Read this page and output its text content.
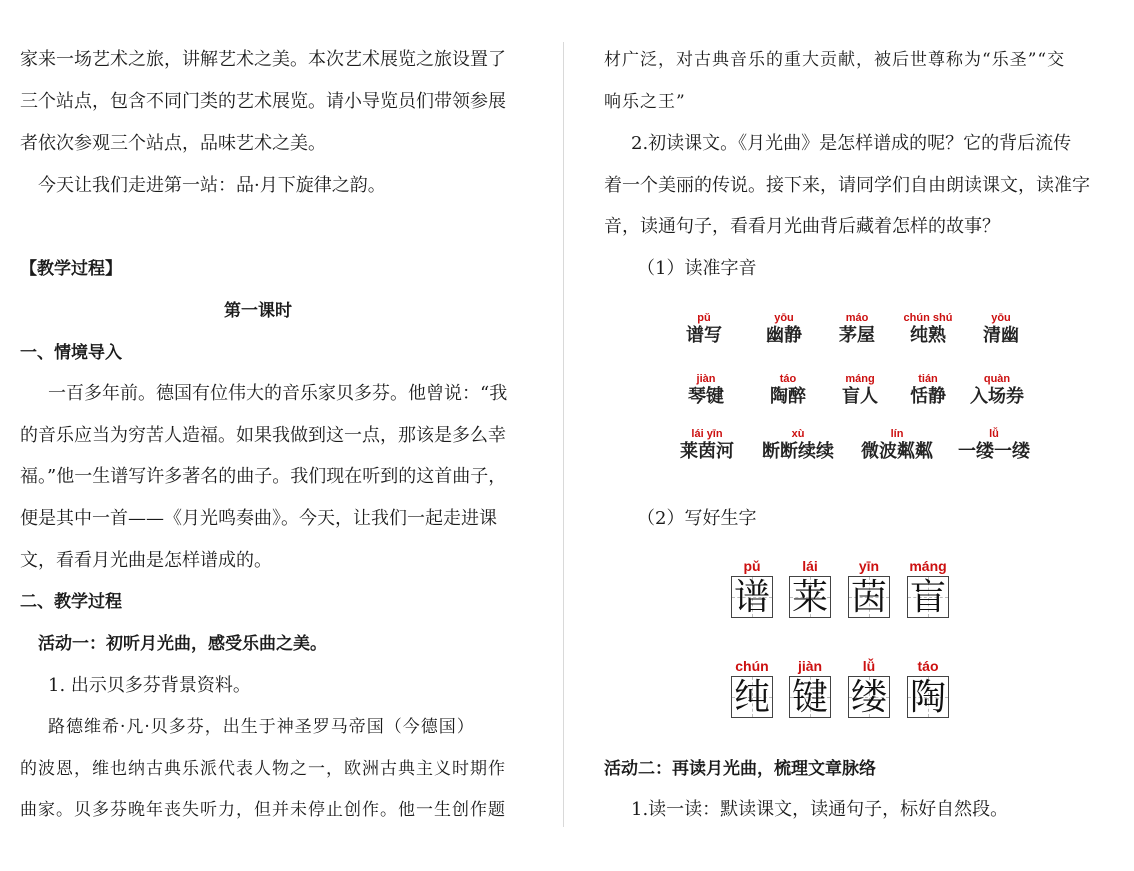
家来一场艺术之旅，讲解艺术之美。本次艺术展览之旅设置了
三个站点，包含不同门类的艺术展览。请小导览员们带领参展
者依次参观三个站点，品味艺术之美。
今天让我们走进第一站：品·月下旋律之韵。
【教学过程】
第一课时
一、情境导入
一百多年前。德国有位伟大的音乐家贝多芬。他曾说：“我
的音乐应当为穷苦人造福。如果我做到这一点，那该是多么幸
福。”他一生谱写许多著名的曲子。我们现在听到的这首曲子，
便是其中一首——《月光鸣奏曲》。今天，让我们一起走进课
文，看看月光曲是怎样谱成的。
二、教学过程
活动一：初听月光曲，感受乐曲之美。
1. 出示贝多芬背景资料。
路德维希·凡·贝多芬，出生于神圣罗马帝国（今德国）
的波恩，维也纳古典乐派代表人物之一，欧洲古典主义时期作
曲家。贝多芬晚年丧失听力，但并未停止创作。他一生创作题
材广泛，对古典音乐的重大贡献，被后世尊称为“乐圣”“交
响乐之王”
2.初读课文。《月光曲》是怎样谱成的呢？它的背后流传
着一个美丽的传说。接下来，请同学们自由朗读课文，读准字
音，读通句子，看看月光曲背后藏着怎样的故事？
（1）读准字音
pǔ
谱写
yōu
幽静
máo
茅屋
chún shú
纯熟
yōu
清幽
jiàn
琴键
táo
陶醉
máng
盲人
tián
恬静
quàn
入场券
lái yīn
莱茵河
xù
断断续续
lín
微波粼粼
lǚ
一缕一缕
（2）写好生字
pǔ
谱
lái
莱
yīn
茵
máng
盲
chún
纯
jiàn
键
lǚ
缕
táo
陶
活动二：再读月光曲，梳理文章脉络
1.读一读：默读课文，读通句子，标好自然段。
